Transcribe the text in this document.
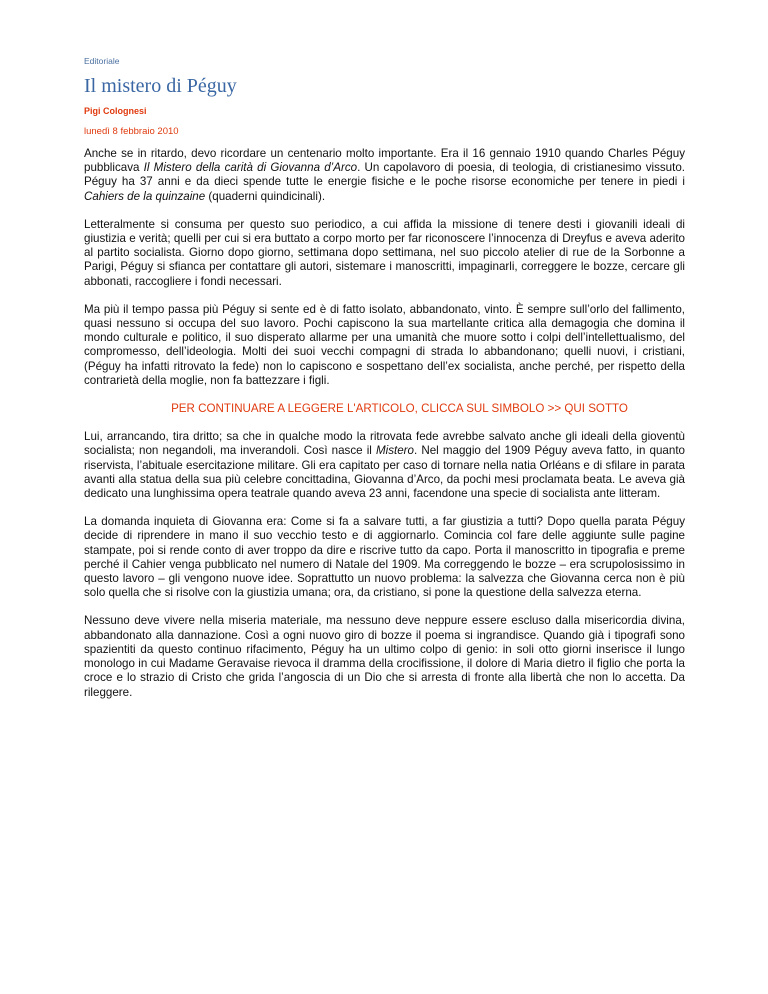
Editoriale
Il mistero di Péguy
Pigi Colognesi
lunedì 8 febbraio 2010

Anche se in ritardo, devo ricordare un centenario molto importante. Era il 16 gennaio 1910 quando Charles Péguy pubblicava Il Mistero della carità di Giovanna d’Arco. Un capolavoro di poesia, di teologia, di cristianesimo vissuto. Péguy ha 37 anni e da dieci spende tutte le energie fisiche e le poche risorse economiche per tenere in piedi i Cahiers de la quinzaine (quaderni quindicinali).

Letteralmente si consuma per questo suo periodico, a cui affida la missione di tenere desti i giovanili ideali di giustizia e verità; quelli per cui si era buttato a corpo morto per far riconoscere l’innocenza di Dreyfus e aveva aderito al partito socialista. Giorno dopo giorno, settimana dopo settimana, nel suo piccolo atelier di rue de la Sorbonne a Parigi, Péguy si sfianca per contattare gli autori, sistemare i manoscritti, impaginarli, correggere le bozze, cercare gli abbonati, raccogliere i fondi necessari.

Ma più il tempo passa più Péguy si sente ed è di fatto isolato, abbandonato, vinto. È sempre sull’orlo del fallimento, quasi nessuno si occupa del suo lavoro. Pochi capiscono la sua martellante critica alla demagogia che domina il mondo culturale e politico, il suo disperato allarme per una umanità che muore sotto i colpi dell’intellettualismo, del compromesso, dell’ideologia. Molti dei suoi vecchi compagni di strada lo abbandonano; quelli nuovi, i cristiani, (Péguy ha infatti ritrovato la fede) non lo capiscono e sospettano dell’ex socialista, anche perché, per rispetto della contrarietà della moglie, non fa battezzare i figli.

PER CONTINUARE A LEGGERE L'ARTICOLO, CLICCA SUL SIMBOLO >> QUI SOTTO

Lui, arrancando, tira dritto; sa che in qualche modo la ritrovata fede avrebbe salvato anche gli ideali della gioventù socialista; non negandoli, ma inverandoli. Così nasce il Mistero. Nel maggio del 1909 Péguy aveva fatto, in quanto riservista, l’abituale esercitazione militare. Gli era capitato per caso di tornare nella natia Orléans e di sfilare in parata avanti alla statua della sua più celebre concittadina, Giovanna d’Arco, da pochi mesi proclamata beata. Le aveva già dedicato una lunghissima opera teatrale quando aveva 23 anni, facendone una specie di socialista ante litteram.

La domanda inquieta di Giovanna era: Come si fa a salvare tutti, a far giustizia a tutti? Dopo quella parata Péguy decide di riprendere in mano il suo vecchio testo e di aggiornarlo. Comincia col fare delle aggiunte sulle pagine stampate, poi si rende conto di aver troppo da dire e riscrive tutto da capo. Porta il manoscritto in tipografia e preme perché il Cahier venga pubblicato nel numero di Natale del 1909. Ma correggendo le bozze – era scrupolosissimo in questo lavoro – gli vengono nuove idee. Soprattutto un nuovo problema: la salvezza che Giovanna cerca non è più solo quella che si risolve con la giustizia umana; ora, da cristiano, si pone la questione della salvezza eterna.

Nessuno deve vivere nella miseria materiale, ma nessuno deve neppure essere escluso dalla misericordia divina, abbandonato alla dannazione. Così a ogni nuovo giro di bozze il poema si ingrandisce. Quando già i tipografi sono spazientiti da questo continuo rifacimento, Péguy ha un ultimo colpo di genio: in soli otto giorni inserisce il lungo monologo in cui Madame Geravaise rievoca il dramma della crocifissione, il dolore di Maria dietro il figlio che porta la croce e lo strazio di Cristo che grida l’angoscia di un Dio che si arresta di fronte alla libertà che non lo accetta. Da rileggere.
